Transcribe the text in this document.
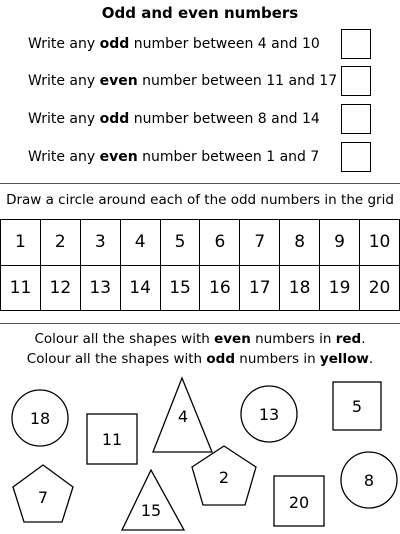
Odd and even numbers
Write any odd number between 4 and 10
Write any even number between 11 and 17
Write any odd number between 8 and 14
Write any even number between 1 and 7
Draw a circle around each of the odd numbers in the grid
1	2	3	4	5	6	7	8	9	10
11	12	13	14	15	16	17	18	19	20
Colour all the shapes with even numbers in red.
Colour all the shapes with odd numbers in yellow.
18
11
4	13	5
7
15
2
20
8
